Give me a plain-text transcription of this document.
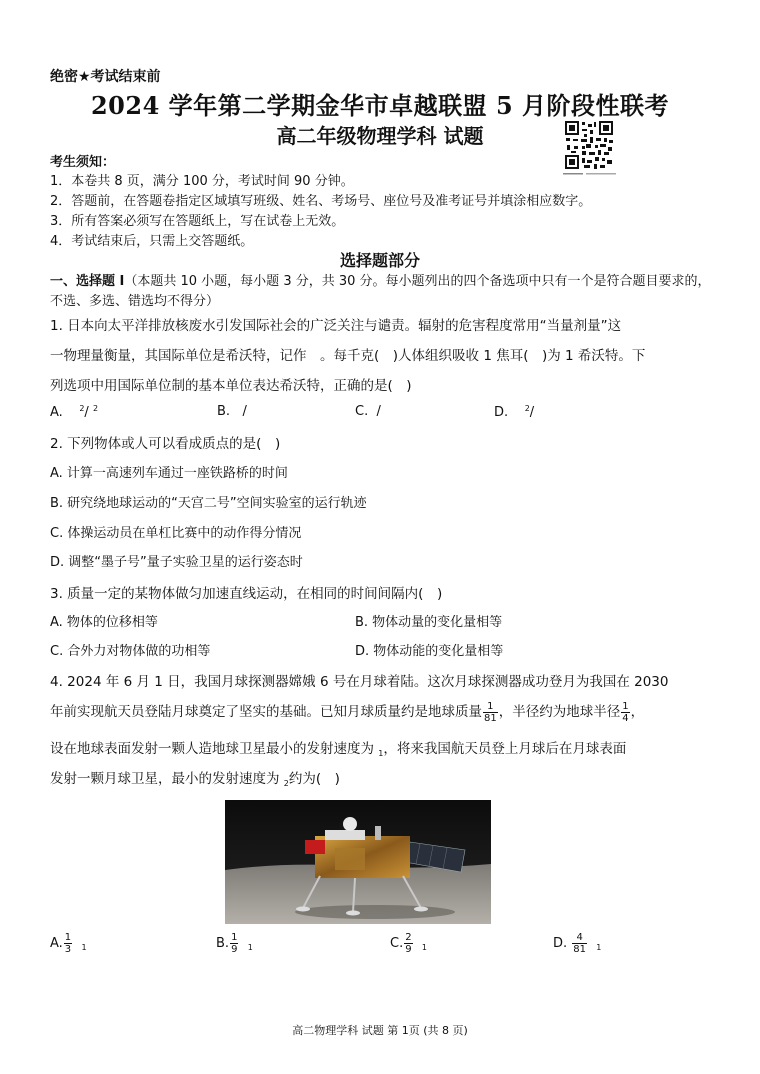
绝密★考试结束前
2024 学年第二学期金华市卓越联盟 5 月阶段性联考
高二年级物理学科 试题
考生须知：
1．本卷共 8 页，满分 100 分，考试时间 90 分钟。
2．答题前，在答题卷指定区域填写班级、姓名、考场号、座位号及准考证号并填涂相应数字。
3．所有答案必须写在答题纸上，写在试卷上无效。
4．考试结束后，只需上交答题纸。
选择题部分
一、选择题 Ⅰ（本题共 10 小题，每小题 3 分，共 30 分。每小题列出的四个备选项中只有一个是符合题目要求的，不选、多选、错选均不得分）
1. 日本向太平洋排放核废水引发国际社会的广泛关注与谴责。辐射的危害程度常用“当量剂量”这
一物理量衡量，其国际单位是希沃特，记作　。每千克(　)人体组织吸收 1 焦耳(　)为 1 希沃特。下
列选项中用国际单位制的基本单位表达希沃特，正确的是(　)
A. $^2$/ $^2$	B. /	C. /	D. $^2$/
2. 下列物体或人可以看成质点的是(　)
A. 计算一高速列车通过一座铁路桥的时间
B. 研究绕地球运动的“天宫二号”空间实验室的运行轨迹
C. 体操运动员在单杠比赛中的动作得分情况
D. 调整“墨子号”量子实验卫星的运行姿态时
3. 质量一定的某物体做匀加速直线运动，在相同的时间间隔内(　)
A. 物体的位移相等	B. 物体动量的变化量相等
C. 合外力对物体做的功相等	D. 物体动能的变化量相等
4. 2024 年 6 月 1 日，我国月球探测器嫦娥 6 号在月球着陆。这次月球探测器成功登月为我国在 2030
年前实现航天员登陆月球奠定了坚实的基础。已知月球质量约是地球质量 $\frac{1}{81}$ ，半径约为地球半径 $\frac{1}{4}$ ，
设在地球表面发射一颗人造地球卫星最小的发射速度为 $_1$，将来我国航天员登上月球后在月球表面
发射一颗月球卫星，最小的发射速度为 $_2$约为(　)
A. $\frac{1}{3} _1$	B. $\frac{1}{9} _1$	C. $\frac{2}{9} _1$	D. $\frac{4}{81} _1$
高二物理学科 试题 第 1页 (共 8 页)
